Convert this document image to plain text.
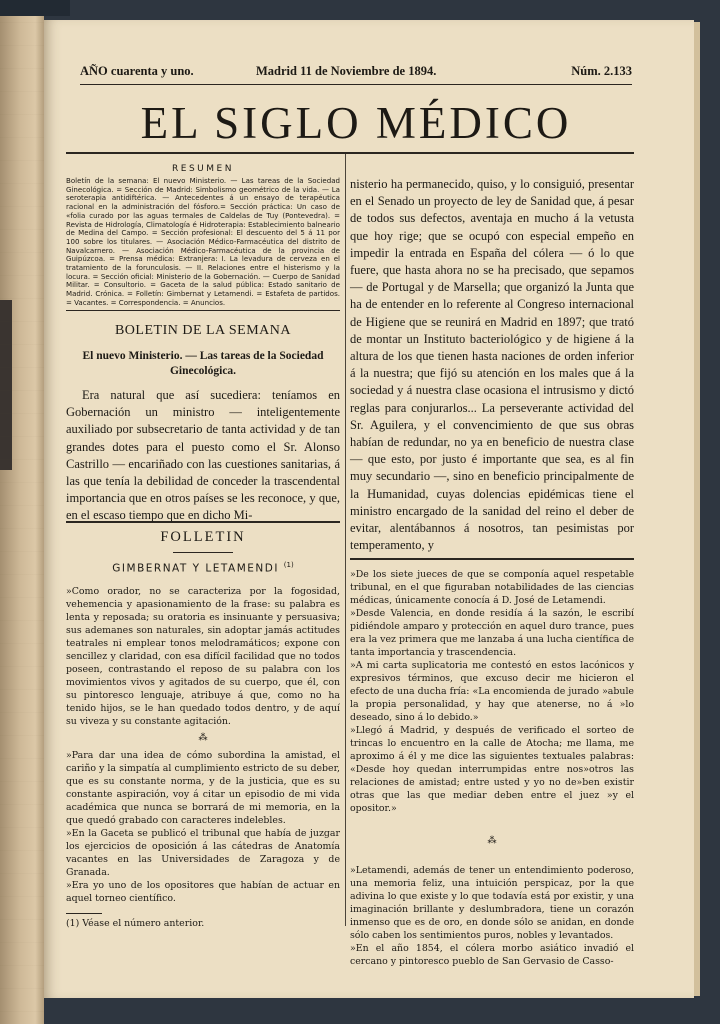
AÑO cuarenta y uno.	Madrid 11 de Noviembre de 1894.	Núm. 2.133
EL SIGLO MÉDICO
RESUMEN
Boletín de la semana: El nuevo Ministerio. — Las tareas de la Sociedad Ginecológica. = Sección de Madrid: Simbolismo geométrico de la vida. — La seroterapia antidiftérica. — Antecedentes á un ensayo de terapéutica racional en la administración del fósforo.= Sección práctica: Un caso de «folia curado por las aguas termales de Caldelas de Tuy (Pontevedra). = Revista de Hidrología, Climatología é Hidroterapia: Establecimiento balneario de Medina del Campo. = Sección profesional: El descuento del 5 á 11 por 100 sobre los titulares. — Asociación Médico-Farmacéutica del distrito de Navalcarnero. — Asociación Médico-Farmacéutica de la provincia de Guipúzcoa. = Prensa médica: Extranjera: I. La levadura de cerveza en el tratamiento de la forunculosis. — II. Relaciones entre el histerismo y la locura. = Sección oficial: Ministerio de la Gobernación. — Cuerpo de Sanidad Militar. = Consultorio. = Gaceta de la salud pública: Estado sanitario de Madrid. Crónica. = Folletín: Gimbernat y Letamendi. = Estafeta de partidos. = Vacantes. = Correspondencia. = Anuncios.
BOLETIN DE LA SEMANA
El nuevo Ministerio. — Las tareas de la Sociedad Ginecológica.
Era natural que así sucediera: teníamos en Gobernación un ministro — inteligentemente auxiliado por subsecretario de tanta actividad y de tan grandes dotes para el puesto como el Sr. Alonso Castrillo — encariñado con las cuestiones sanitarias, á las que tenía la debilidad de conceder la trascendental importancia que en otros países se les reconoce, y que, en el escaso tiempo que en dicho Mi-
FOLLETIN
GIMBERNAT Y LETAMENDI $^{(1)}$

»Como orador, no se caracteriza por la fogosidad, vehemencia y apasionamiento de la frase: su palabra es lenta y reposada; su oratoria es insinuante y persuasiva; sus ademanes son naturales, sin adoptar jamás actitudes teatrales ni emplear tonos melodramáticos; expone con sencillez y claridad, con esa difícil facilidad que no todos poseen, contrastando el reposo de su palabra con los movimientos vivos y agitados de su cuerpo, que él, con su pintoresco lenguaje, atribuye á que, como no ha tenido hijos, se le han quedado todos dentro, y de aquí su viveza y su constante agitación.

⁂

»Para dar una idea de cómo subordina la amistad, el cariño y la simpatía al cumplimiento estricto de su deber, que es su constante norma, y de la justicia, que es su constante aspiración, voy á citar un episodio de mi vida académica que nunca se borrará de mi memoria, en la que quedó grabado con caracteres indelebles.

»En la Gaceta se publicó el tribunal que había de juzgar los ejercicios de oposición á las cátedras de Anatomía vacantes en las Universidades de Zaragoza y de Granada.

»Era yo uno de los opositores que habían de actuar en aquel torneo científico.

(1) Véase el número anterior.
nisterio ha permanecido, quiso, y lo consiguió, presentar en el Senado un proyecto de ley de Sanidad que, á pesar de todos sus defectos, aventaja en mucho á la vetusta que hoy rige; que se ocupó con especial empeño en impedir la entrada en España del cólera — ó lo que fuere, que hasta ahora no se ha precisado, que sepamos — de Portugal y de Marsella; que organizó la Junta que ha de entender en lo referente al Congreso internacional de Higiene que se reunirá en Madrid en 1897; que trató de montar un Instituto bacteriológico y de higiene á la altura de los que tienen hasta naciones de orden inferior á la nuestra; que fijó su atención en los males que á la sociedad y á nuestra clase ocasiona el intrusismo y dictó reglas para conjurarlos... La perseverante actividad del Sr. Aguilera, y el convencimiento de que sus obras habían de redundar, no ya en beneficio de nuestra clase — que esto, por justo é importante que sea, es al fin muy secundario —, sino en beneficio principalmente de la Humanidad, cuyas dolencias epidémicas tiene el ministro encargado de la sanidad del reino el deber de evitar, alentábannos á nosotros, tan pesimistas por temperamento, y

»De los siete jueces de que se componía aquel respetable tribunal, en el que figuraban notabilidades de las ciencias médicas, únicamente conocía á D. José de Letamendi.

»Desde Valencia, en donde residía á la sazón, le escribí pidiéndole amparo y protección en aquel duro trance, pues era la vez primera que me lanzaba á una lucha científica de tanta importancia y trascendencia.

»A mi carta suplicatoria me contestó en estos lacónicos y expresivos términos, que excuso decir me hicieron el efecto de una ducha fría: «La encomienda de jurado »abule la propia personalidad, y hay que atenerse, no á »lo deseado, sino á lo debido.»

»Llegó á Madrid, y después de verificado el sorteo de trincas lo encuentro en la calle de Atocha; me llama, me aproximo á él y me dice las siguientes textuales palabras: «Desde hoy quedan interrumpidas entre nos»otros las relaciones de amistad; entre usted y yo no de»ben existir otras que las que mediar deben entre el juez »y el opositor.»

⁂

»Letamendi, además de tener un entendimiento poderoso, una memoria feliz, una intuición perspicaz, por la que adivina lo que existe y lo que todavía está por existir, y una imaginación brillante y deslumbradora, tiene un corazón inmenso que es de oro, en donde sólo se anidan, en donde sólo caben los sentimientos puros, nobles y levantados.

»En el año 1854, el cólera morbo asiático invadió el cercano y pintoresco pueblo de San Gervasio de Casso-
